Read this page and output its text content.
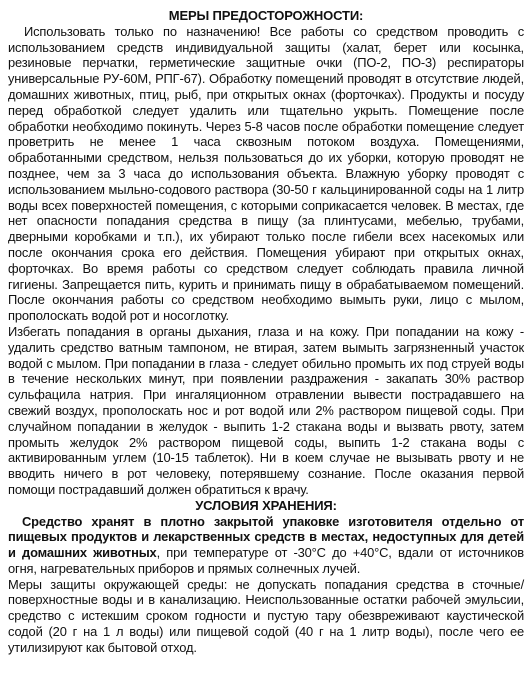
МЕРЫ ПРЕДОСТОРОЖНОСТИ:

Использовать только по назначению! Все работы со средством проводить с использованием средств индивидуальной защиты (халат, берет или косынка, резиновые перчатки, герметические защитные очки (ПО-2, ПО-3) респираторы универсальные РУ-60М, РПГ-67). Обработку помещений проводят в отсутствие людей, домашних животных, птиц, рыб, при открытых окнах (форточках). Продукты и посуду перед обработкой следует удалить или тщательно укрыть. Помещение после обработки необходимо покинуть. Через 5-8 часов после обработки помещение следует проветрить не менее 1 часа сквозным потоком воздуха. Помещениями, обработанными средством, нельзя пользоваться до их уборки, которую проводят не позднее, чем за 3 часа до использования объекта. Влажную уборку проводят с использованием мыльно-содового раствора (30-50 г кальцинированной соды на 1 литр воды всех поверхностей помещения, с которыми соприкасается человек. В местах, где нет опасности попадания средства в пищу (за плинтусами, мебелью, трубами, дверными коробками и т.п.), их убирают только после гибели всех насекомых или после окончания срока его действия. Помещения убирают при открытых окнах, форточках. Во время работы со средством следует соблюдать правила личной гигиены. Запрещается пить, курить и принимать пищу в обрабатываемом помещений. После окончания работы со средством необходимо вымыть руки, лицо с мылом, прополоскать водой рот и носоглотку.

Избегать попадания в органы дыхания, глаза и на кожу. При попадании на кожу - удалить средство ватным тампоном, не втирая, затем вымыть загрязненный участок водой с мылом. При попадании в глаза - следует обильно промыть их под струей воды в течение нескольких минут, при появлении раздражения - закапать 30% раствор сульфацила натрия. При ингаляционном отравлении вывести пострадавшего на свежий воздух, прополоскать нос и рот водой или 2% раствором пищевой соды. При случайном попадании в желудок - выпить 1-2 стакана воды и вызвать рвоту, затем промыть желудок 2% раствором пищевой соды, выпить 1-2 стакана воды с активированным углем (10-15 таблеток). Ни в коем случае не вызывать рвоту и не вводить ничего в рот человеку, потерявшему сознание. После оказания первой помощи пострадавший должен обратиться к врачу.

УСЛОВИЯ ХРАНЕНИЯ:

Средство хранят в плотно закрытой упаковке изготовителя отдельно от пищевых продуктов и лекарственных средств в местах, недоступных для детей и домашних животных, при температуре от -30°С до +40°С, вдали от источников огня, нагревательных приборов и прямых солнечных лучей.

Меры защиты окружающей среды: не допускать попадания средства в сточные/поверхностные воды и в канализацию. Неиспользованные остатки рабочей эмульсии, средство с истекшим сроком годности и пустую тару обезвреживают каустической содой (20 г на 1 л воды) или пищевой содой (40 г на 1 литр воды), после чего ее утилизируют как бытовой отход.
